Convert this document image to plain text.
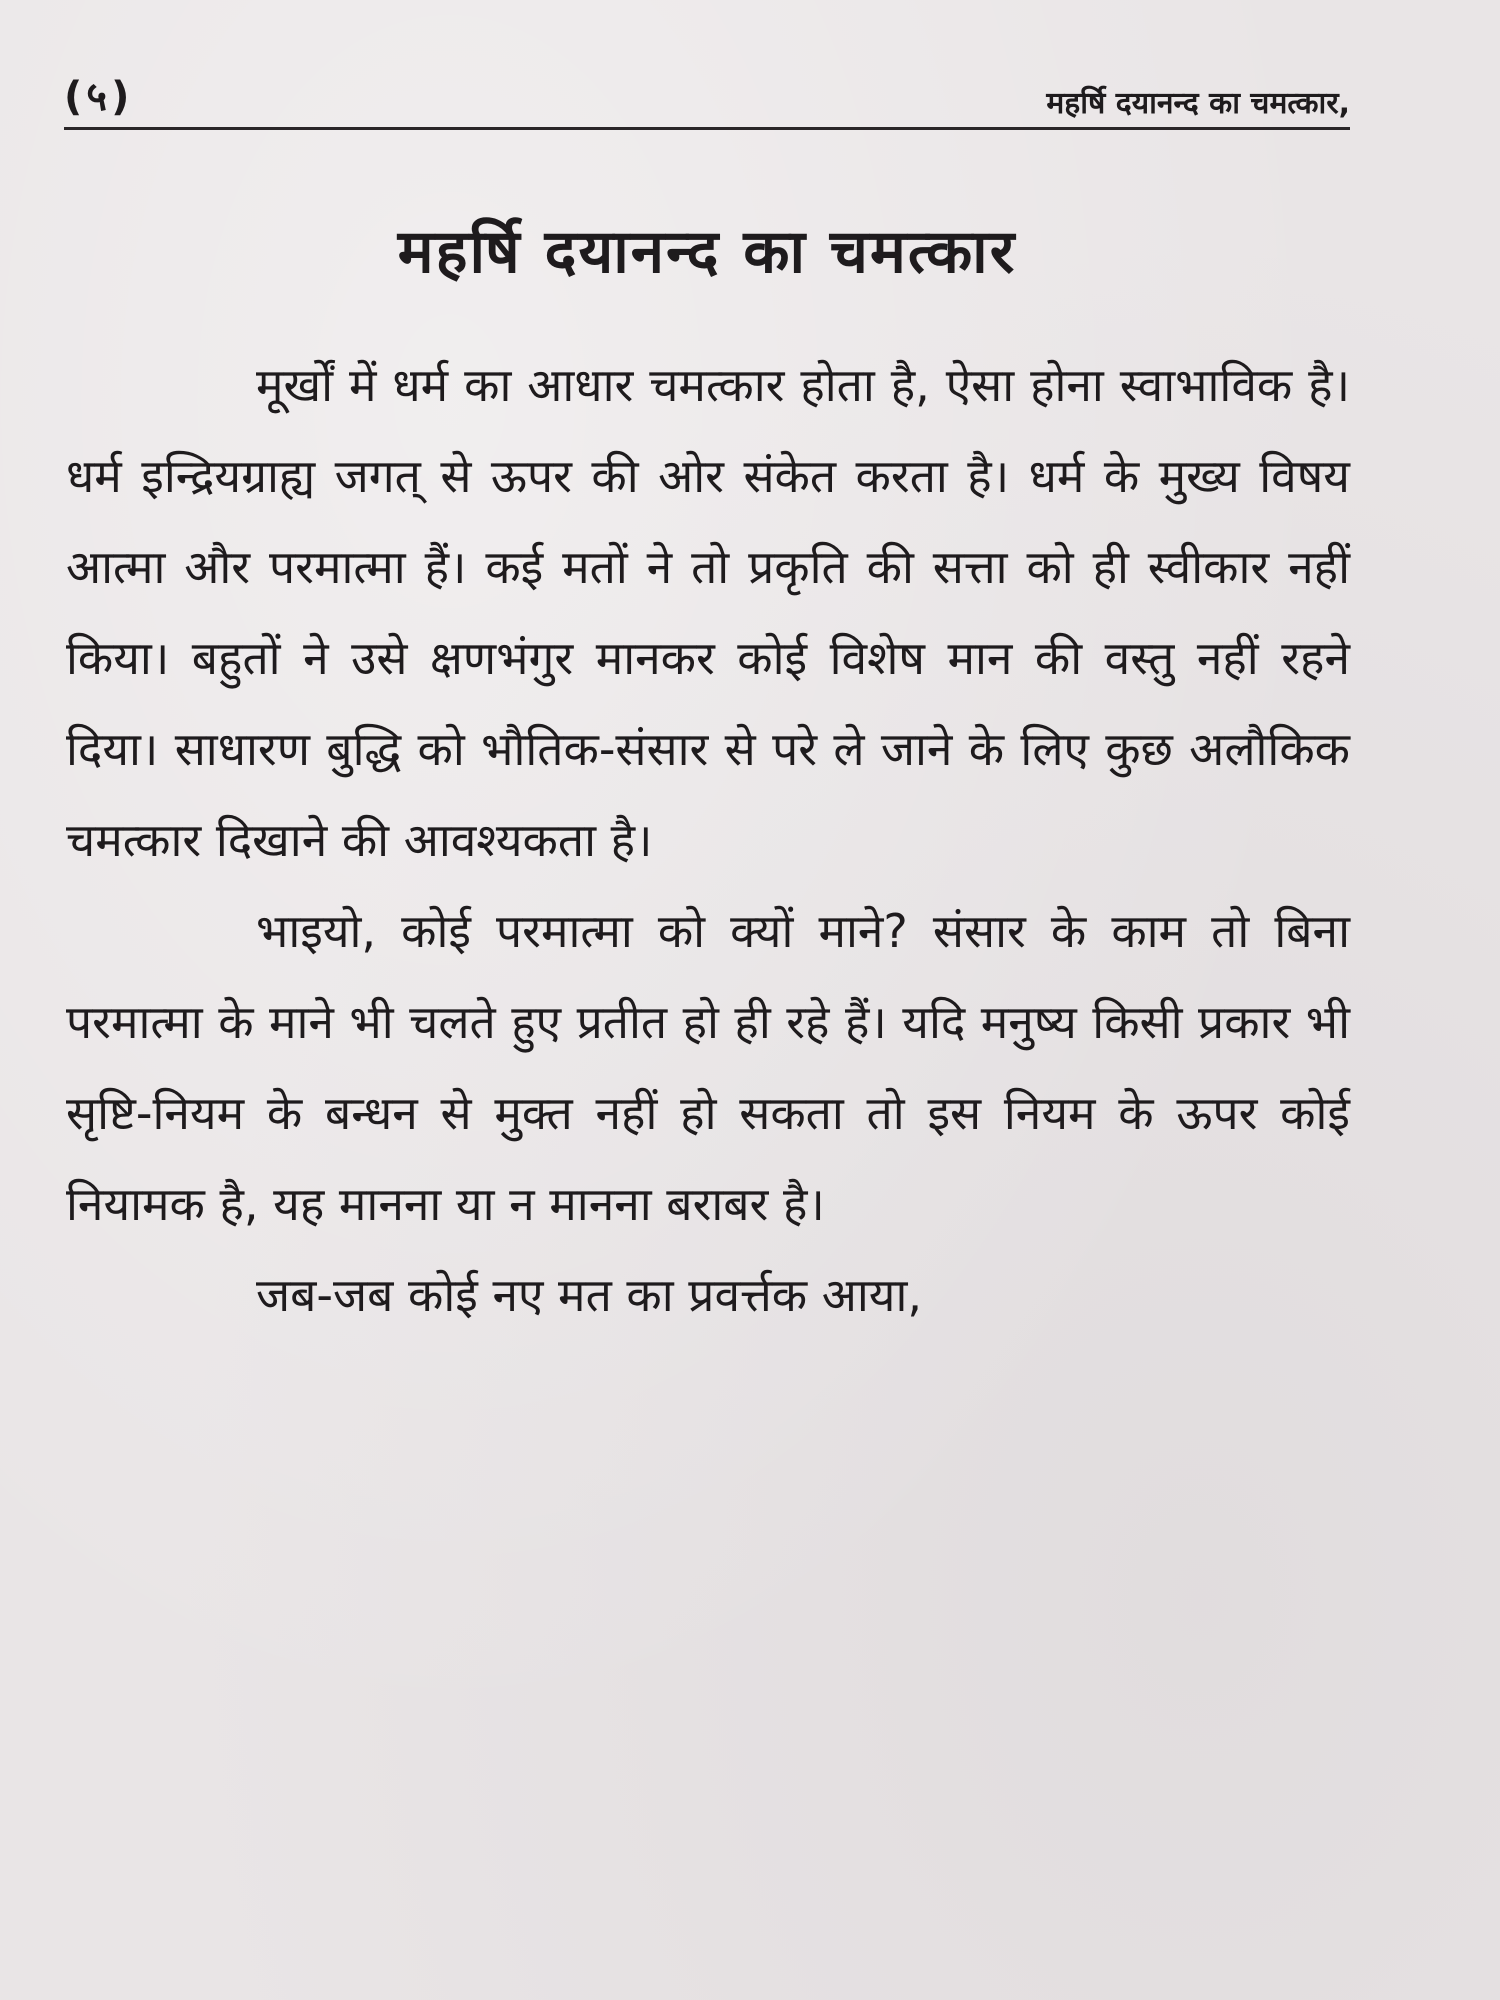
(५)	महर्षि दयानन्द का चमत्कार,
महर्षि दयानन्द का चमत्कार

मूर्खों में धर्म का आधार चमत्कार होता है, ऐसा होना स्वाभाविक है। धर्म इन्द्रियग्राह्य जगत् से ऊपर की ओर संकेत करता है। धर्म के मुख्य विषय आत्मा और परमात्मा हैं। कई मतों ने तो प्रकृति की सत्ता को ही स्वीकार नहीं किया। बहुतों ने उसे क्षणभंगुर मानकर कोई विशेष मान की वस्तु नहीं रहने दिया। साधारण बुद्धि को भौतिक-संसार से परे ले जाने के लिए कुछ अलौकिक चमत्कार दिखाने की आवश्यकता है।

भाइयो, कोई परमात्मा को क्यों माने? संसार के काम तो बिना परमात्मा के माने भी चलते हुए प्रतीत हो ही रहे हैं। यदि मनुष्य किसी प्रकार भी सृष्टि-नियम के बन्धन से मुक्त नहीं हो सकता तो इस नियम के ऊपर कोई नियामक है, यह मानना या न मानना बराबर है।

जब-जब कोई नए मत का प्रवर्त्तक आया,
